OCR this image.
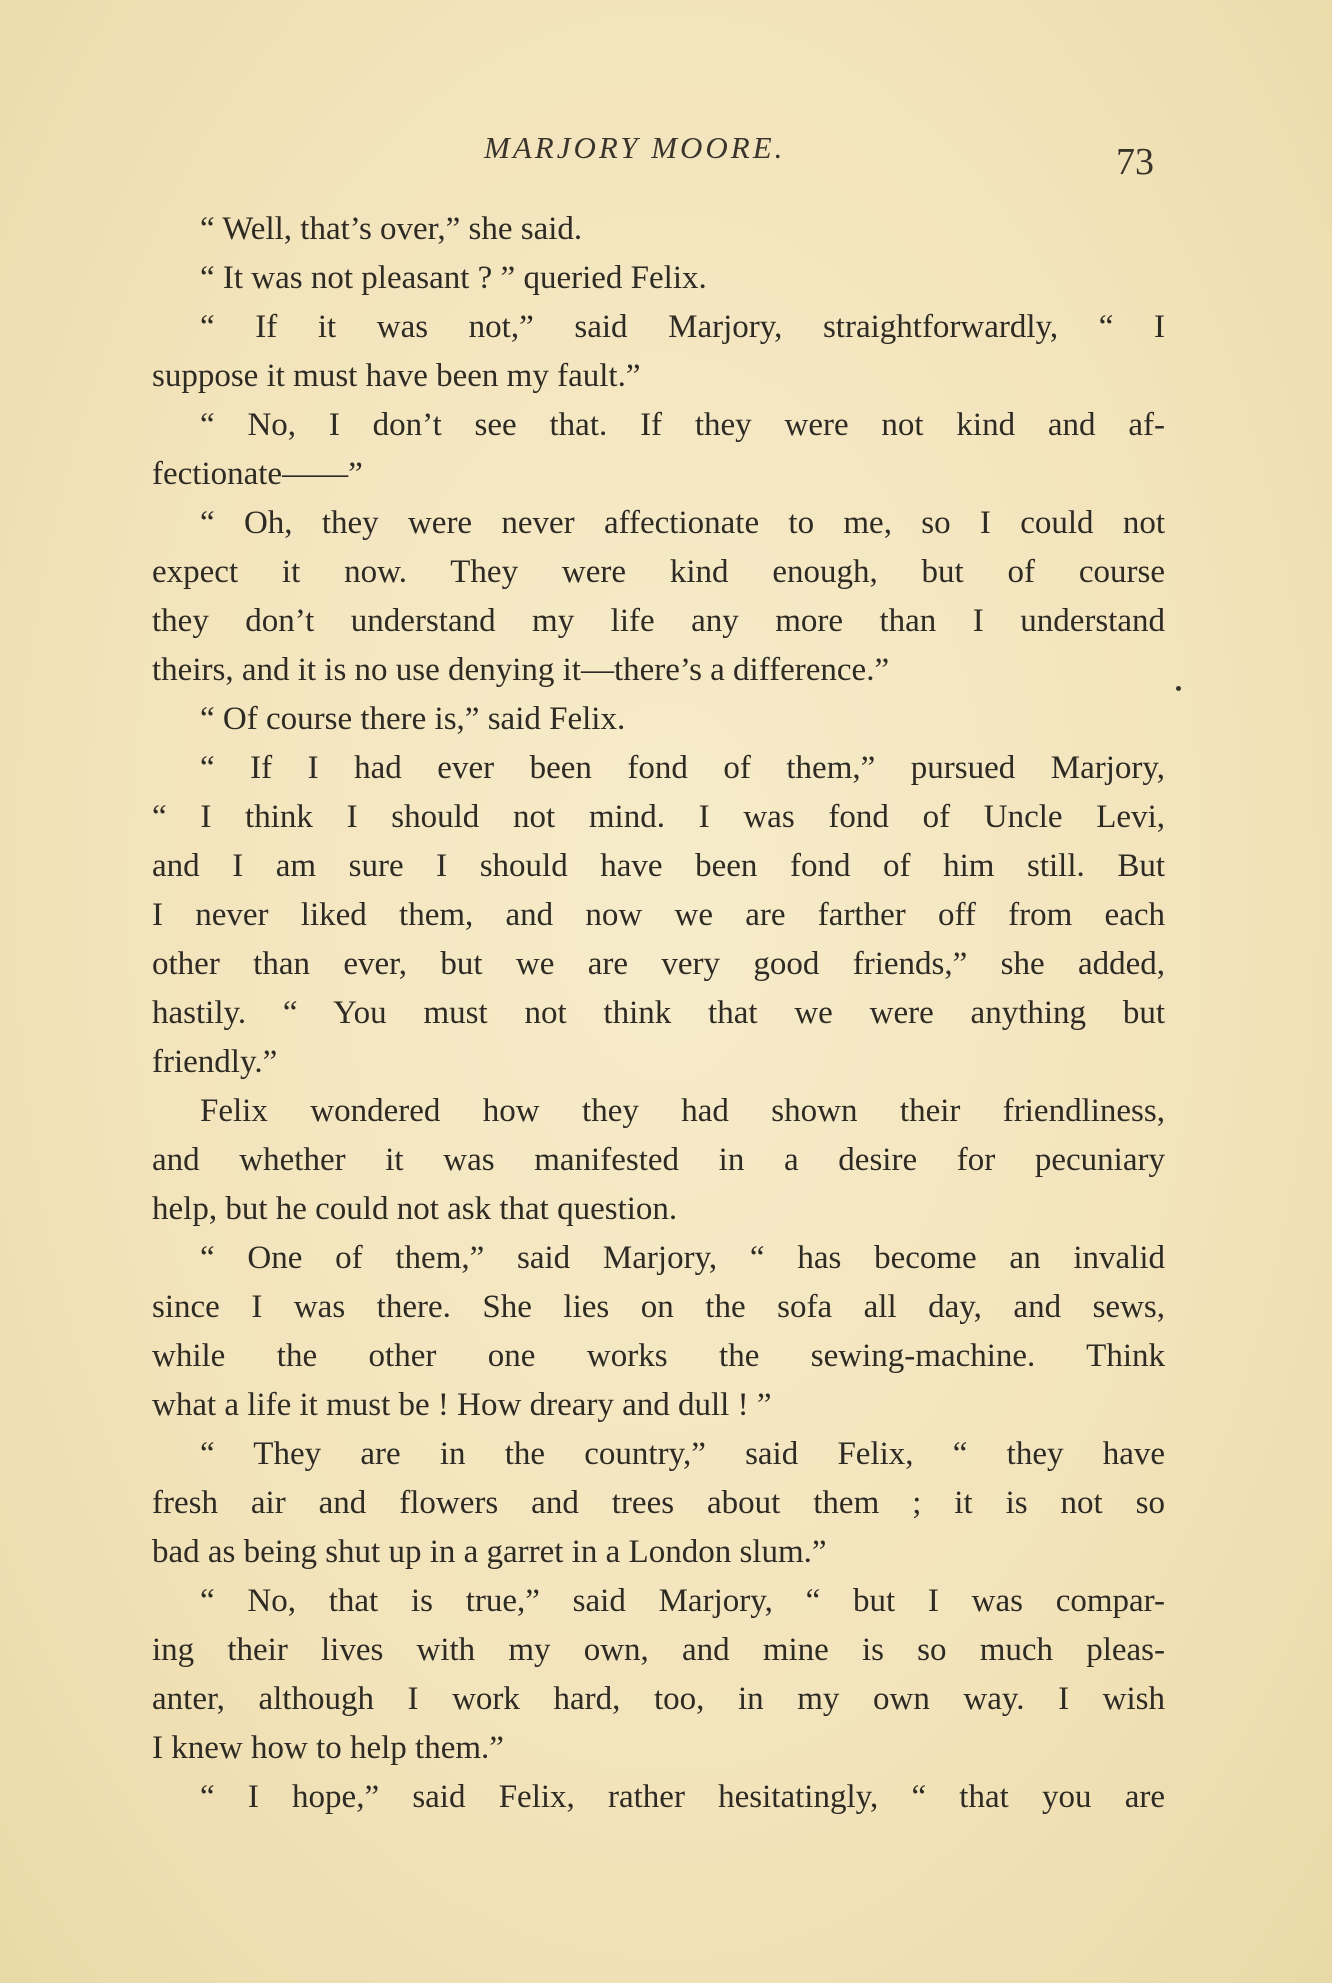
MARJORY MOORE.	73
“ Well, that’s over,” she said.
“ It was not pleasant ? ” queried Felix.
“ If it was not,” said Marjory, straightforwardly, “ I
suppose it must have been my fault.”
“ No, I don’t see that. If they were not kind and af-
fectionate——”
“ Oh, they were never affectionate to me, so I could not
expect it now. They were kind enough, but of course
they don’t understand my life any more than I understand
theirs, and it is no use denying it—there’s a difference.”
“ Of course there is,” said Felix.
“ If I had ever been fond of them,” pursued Marjory,
“ I think I should not mind. I was fond of Uncle Levi,
and I am sure I should have been fond of him still. But
I never liked them, and now we are farther off from each
other than ever, but we are very good friends,” she added,
hastily. “ You must not think that we were anything but
friendly.”
Felix wondered how they had shown their friendliness,
and whether it was manifested in a desire for pecuniary
help, but he could not ask that question.
“ One of them,” said Marjory, “ has become an invalid
since I was there. She lies on the sofa all day, and sews,
while the other one works the sewing-machine. Think
what a life it must be ! How dreary and dull ! ”
“ They are in the country,” said Felix, “ they have
fresh air and flowers and trees about them ; it is not so
bad as being shut up in a garret in a London slum.”
“ No, that is true,” said Marjory, “ but I was compar-
ing their lives with my own, and mine is so much pleas-
anter, although I work hard, too, in my own way. I wish
I knew how to help them.”
“ I hope,” said Felix, rather hesitatingly, “ that you are
